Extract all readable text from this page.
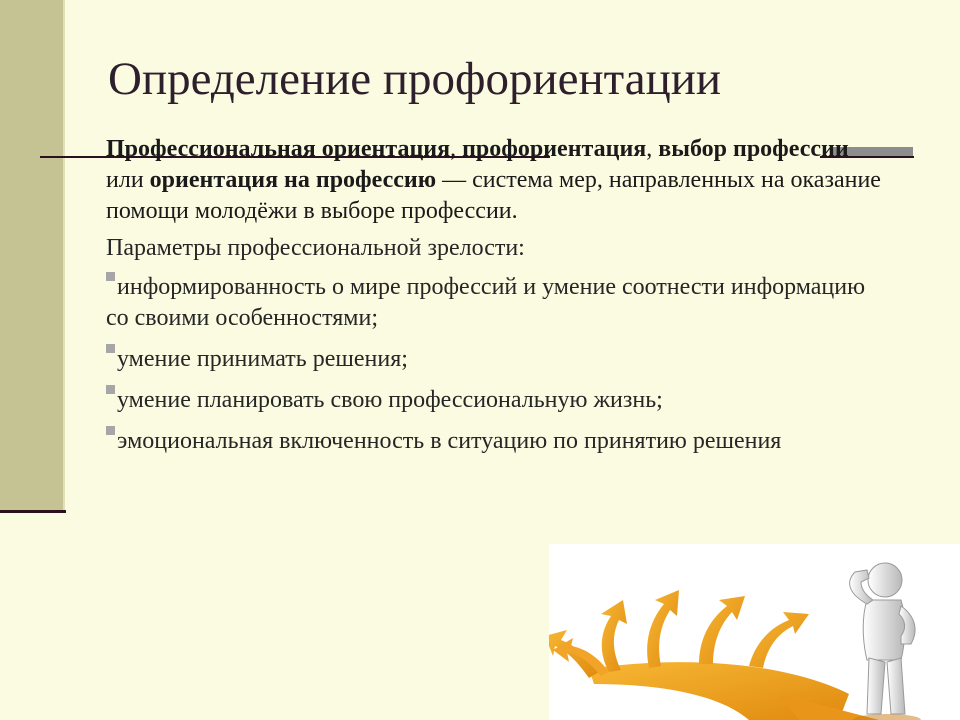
Определение профориентации

Профессиональная ориентация, профориентация, выбор профессии или ориентация на профессию — система мер, направленных на оказание помощи молодёжи в выборе профессии.

Параметры профессиональной зрелости:

информированность о мире профессий и умение соотнести информацию со своими особенностями;

умение принимать решения;

умение планировать свою профессиональную жизнь;

эмоциональная включенность в ситуацию по принятию решения
